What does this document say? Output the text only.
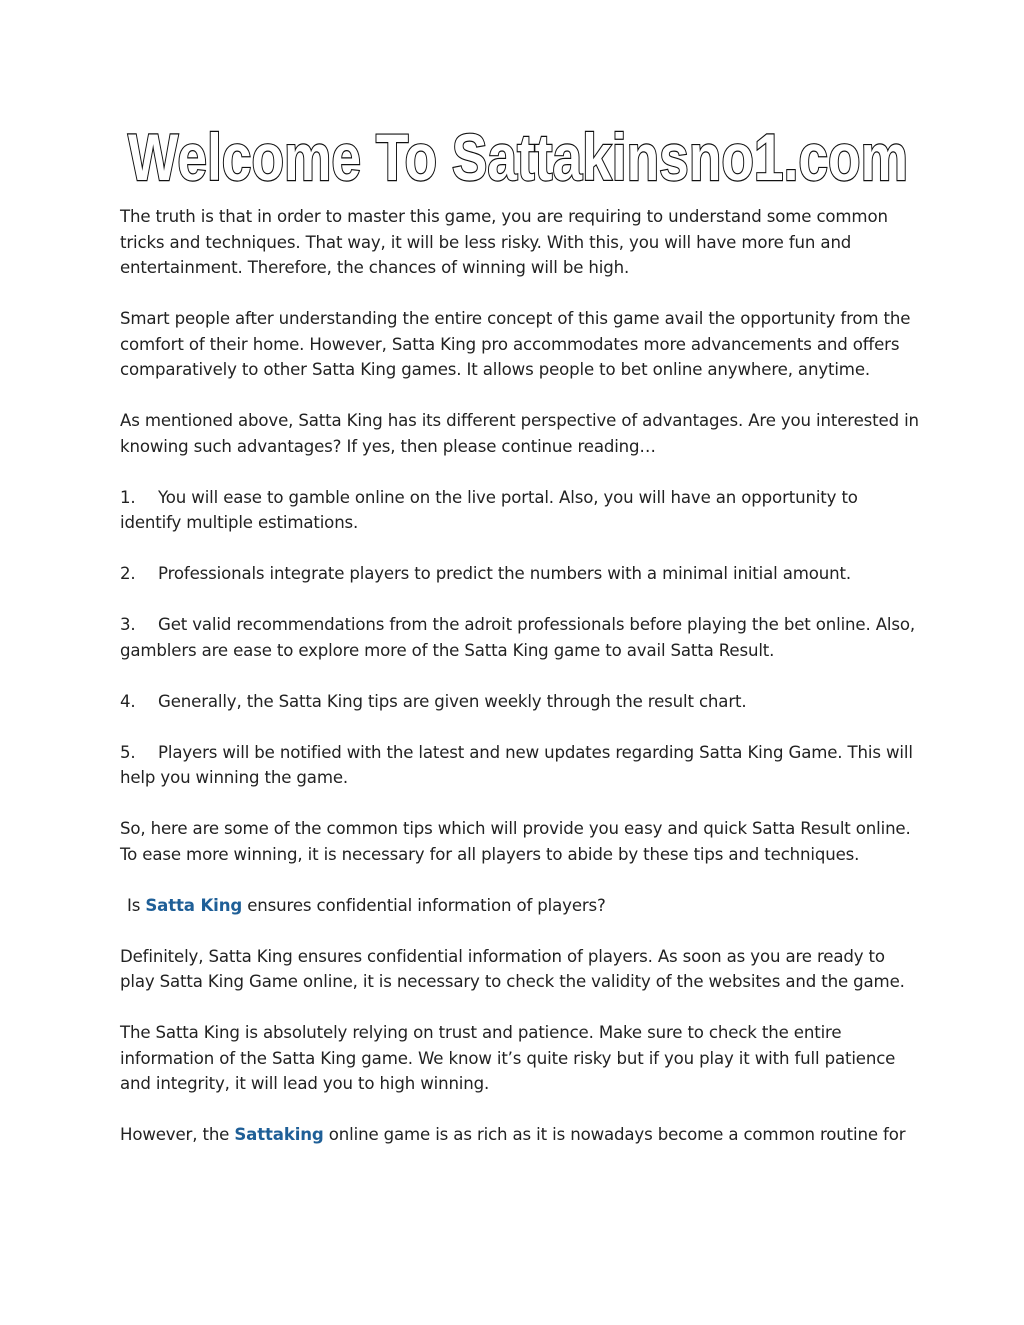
Welcome To Sattakinsno1.com

The truth is that in order to master this game, you are requiring to understand some common tricks and techniques. That way, it will be less risky. With this, you will have more fun and entertainment. Therefore, the chances of winning will be high.

Smart people after understanding the entire concept of this game avail the opportunity from the comfort of their home. However, Satta King pro accommodates more advancements and offers comparatively to other Satta King games. It allows people to bet online anywhere, anytime.

As mentioned above, Satta King has its different perspective of advantages. Are you interested in knowing such advantages? If yes, then please continue reading…

1. You will ease to gamble online on the live portal. Also, you will have an opportunity to identify multiple estimations.

2. Professionals integrate players to predict the numbers with a minimal initial amount.

3. Get valid recommendations from the adroit professionals before playing the bet online. Also, gamblers are ease to explore more of the Satta King game to avail Satta Result.

4. Generally, the Satta King tips are given weekly through the result chart.

5. Players will be notified with the latest and new updates regarding Satta King Game. This will help you winning the game.

So, here are some of the common tips which will provide you easy and quick Satta Result online. To ease more winning, it is necessary for all players to abide by these tips and techniques.

Is Satta King ensures confidential information of players?

Definitely, Satta King ensures confidential information of players. As soon as you are ready to play Satta King Game online, it is necessary to check the validity of the websites and the game.

The Satta King is absolutely relying on trust and patience. Make sure to check the entire information of the Satta King game. We know it’s quite risky but if you play it with full patience and integrity, it will lead you to high winning.

However, the Sattaking online game is as rich as it is nowadays become a common routine for
